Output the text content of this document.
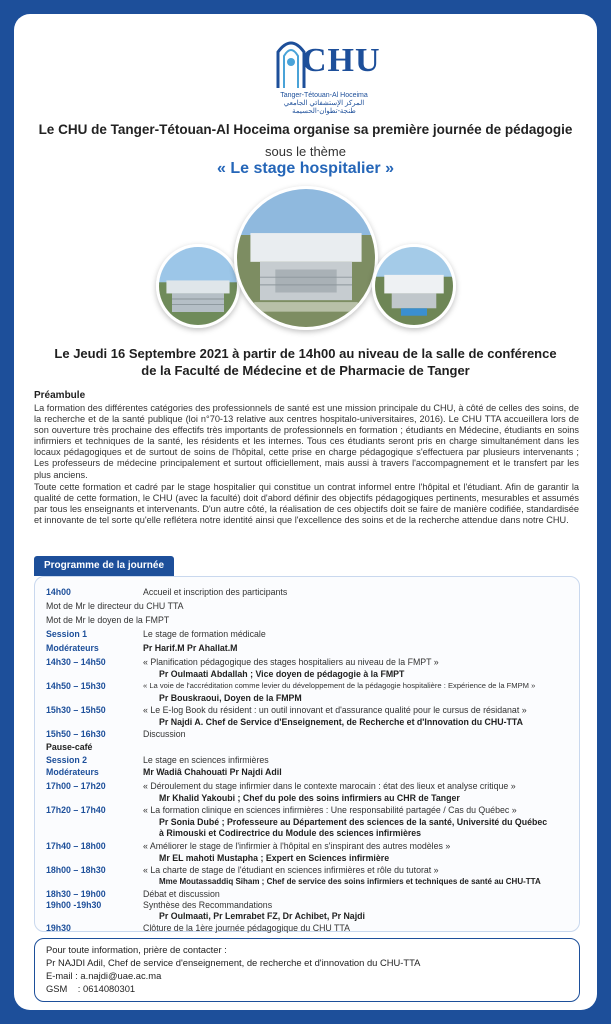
CHU
Tanger-Tétouan-Al Hoceima
المركز الإستشفائي الجامعي
طنجة-تطوان-الحسيمة
Le CHU de Tanger-Tétouan-Al Hoceima organise sa première journée de pédagogie
sous le thème
« Le stage hospitalier »
Le Jeudi 16 Septembre 2021 à partir de 14h00 au niveau de la salle de conférence
de la Faculté de Médecine et de Pharmacie de Tanger
Préambule
La formation des différentes catégories des professionnels de santé est une mission principale du CHU, à côté de celles des soins, de la recherche et de la santé publique (loi n°70-13 relative aux centres hospitalo-universitaires, 2016). Le CHU TTA accueillera lors de son ouverture très prochaine des effectifs très importants de professionnels en formation ; étudiants en Médecine, étudiants en soins infirmiers et techniques de la santé, les résidents et les internes. Tous ces étudiants seront pris en charge simultanément dans les locaux pédagogiques et de surtout de soins de l'hôpital, cette prise en charge pédagogique s'effectuera par plusieurs intervenants ; Les professeurs de médecine principalement et surtout officiellement, mais aussi à travers l'accompagnement et le transfert par les plus anciens.
Toute cette formation et cadré par le stage hospitalier qui constitue un contrat informel entre l'hôpital et l'étudiant. Afin de garantir la qualité de cette formation, le CHU (avec la faculté) doit d'abord définir des objectifs pédagogiques pertinents, mesurables et assumés par tous les enseignants et intervenants. D'un autre côté, la réalisation de ces objectifs doit se faire de manière codifiée, standardisée et innovante de tel sorte qu'elle reflétera notre identité ainsi que l'excellence des soins et de la recherche attendue dans notre CHU.
Programme de la journée
14h00	Accueil et inscription des participants
Mot de Mr le directeur du CHU TTA
Mot de Mr le doyen de la FMPT
Session 1	Le stage de formation médicale
Modérateurs	Pr Harif.M Pr Ahallat.M
14h30 – 14h50	« Planification pédagogique des stages hospitaliers au niveau de la FMPT »
Pr Oulmaati Abdallah ; Vice doyen de pédagogie à la FMPT
14h50 – 15h30	« La voie de l'accréditation comme levier du développement de la pédagogie hospitalière : Expérience de la FMPM »
Pr Bouskraoui, Doyen de la FMPM
15h30 – 15h50	« Le E-log Book du résident : un outil innovant et d'assurance qualité pour le cursus de résidanat »
Pr Najdi A. Chef de Service d'Enseignement, de Recherche et d'Innovation du CHU-TTA
15h50 – 16h30	Discussion
Pause-café
Session 2	Le stage en sciences infirmières
Modérateurs	Mr Wadiâ Chahouati Pr Najdi Adil
17h00 – 17h20	« Déroulement du stage infirmier dans le contexte marocain : état des lieux et analyse critique »
Mr Khalid Yakoubi ; Chef du pole des soins infirmiers au CHR de Tanger
17h20 – 17h40	« La formation clinique en sciences infirmières : Une responsabilité partagée / Cas du Québec »
Pr Sonia Dubé ; Professeure au Département des sciences de la santé, Université du Québec
à Rimouski et Codirectrice du Module des sciences infirmières
17h40 – 18h00	« Améliorer le stage de l'infirmier à l'hôpital en s'inspirant des autres modèles »
Mr EL mahoti Mustapha ; Expert en Sciences infirmière
18h00 – 18h30	« La charte de stage de l'étudiant en sciences infirmières et rôle du tutorat »
Mme Moutassaddiq Siham ; Chef de service des soins infirmiers et techniques de santé au CHU-TTA
18h30 – 19h00	Débat et discussion
19h00 -19h30	Synthèse des Recommandations
Pr Oulmaati, Pr Lemrabet FZ, Dr Achibet, Pr Najdi
19h30	Clôture de la 1ère journée pédagogique du CHU TTA
Pour toute information, prière de contacter :
Pr NAJDI Adil, Chef de service d'enseignement, de recherche et d'innovation du CHU-TTA
E-mail : a.najdi@uae.ac.ma
GSM    : 0614080301
